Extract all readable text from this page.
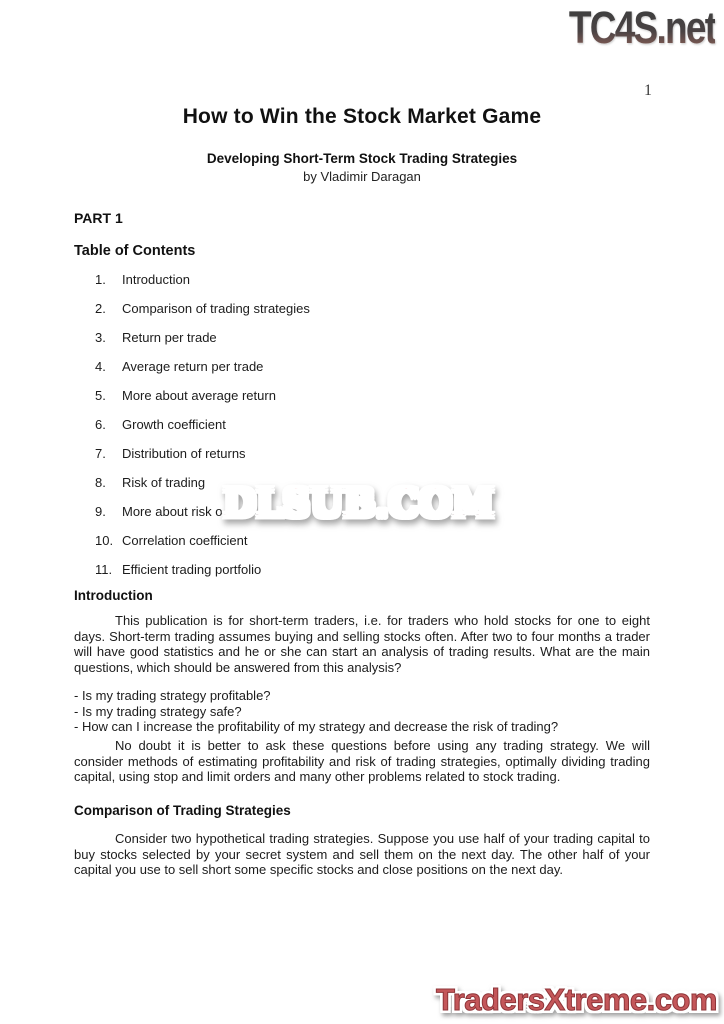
TC4S.net
1
How to Win the Stock Market Game
Developing Short-Term Stock Trading Strategies
by Vladimir Daragan
PART 1
Table of Contents
1.	Introduction
2.	Comparison of trading strategies
3.	Return per trade
4.	Average return per trade
5.	More about average return
6.	Growth coefficient
7.	Distribution of returns
8.	Risk of trading
9.	More about risk o
10. Correlation coefficient
11. Efficient trading portfolio
Introduction

This publication is for short-term traders, i.e. for traders who hold stocks for one to eight days. Short-term trading assumes buying and selling stocks often. After two to four months a trader will have good statistics and he or she can start an analysis of trading results. What are the main questions, which should be answered from this analysis?

- Is my trading strategy profitable?
- Is my trading strategy safe?
- How can I increase the profitability of my strategy and decrease the risk of trading?

No doubt it is better to ask these questions before using any trading strategy. We will consider methods of estimating profitability and risk of trading strategies, optimally dividing trading capital, using stop and limit orders and many other problems related to stock trading.

Comparison of Trading Strategies

Consider two hypothetical trading strategies. Suppose you use half of your trading capital to buy stocks selected by your secret system and sell them on the next day. The other half of your capital you use to sell short some specific stocks and close positions on the next day.

DLSUB.COM
TradersXtreme.com
